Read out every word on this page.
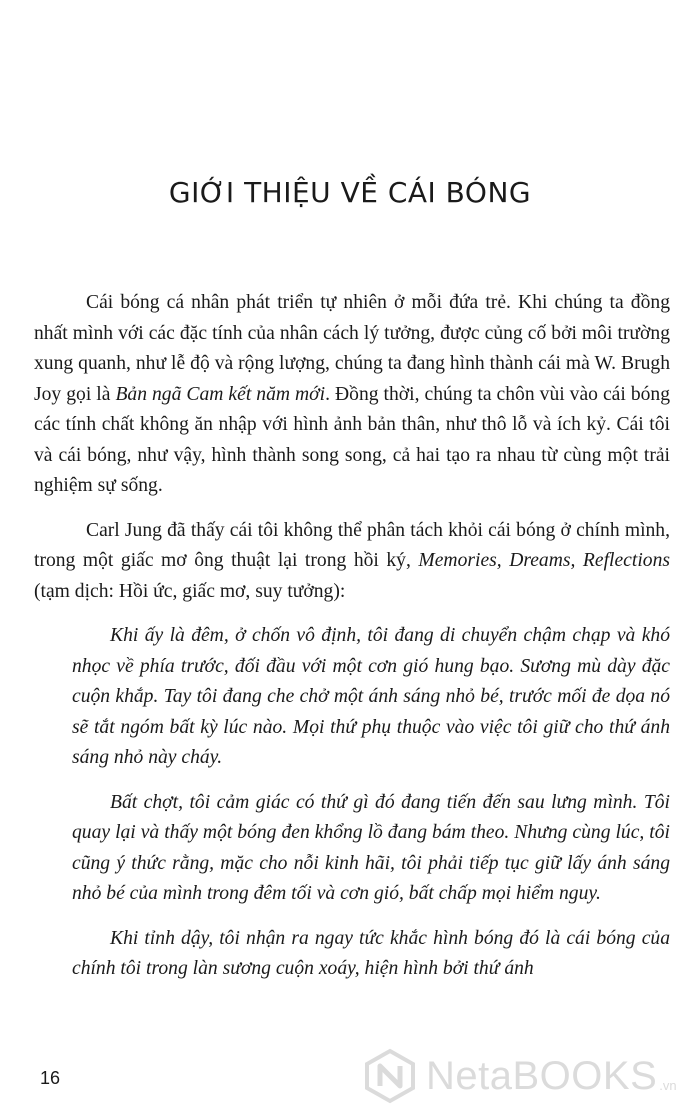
GIỚI THIỆU VỀ CÁI BÓNG

Cái bóng cá nhân phát triển tự nhiên ở mỗi đứa trẻ. Khi chúng ta đồng nhất mình với các đặc tính của nhân cách lý tưởng, được củng cố bởi môi trường xung quanh, như lễ độ và rộng lượng, chúng ta đang hình thành cái mà W. Brugh Joy gọi là Bản ngã Cam kết năm mới. Đồng thời, chúng ta chôn vùi vào cái bóng các tính chất không ăn nhập với hình ảnh bản thân, như thô lỗ và ích kỷ. Cái tôi và cái bóng, như vậy, hình thành song song, cả hai tạo ra nhau từ cùng một trải nghiệm sự sống.

Carl Jung đã thấy cái tôi không thể phân tách khỏi cái bóng ở chính mình, trong một giấc mơ ông thuật lại trong hồi ký, Memories, Dreams, Reflections (tạm dịch: Hồi ức, giấc mơ, suy tưởng):

Khi ấy là đêm, ở chốn vô định, tôi đang di chuyển chậm chạp và khó nhọc về phía trước, đối đầu với một cơn gió hung bạo. Sương mù dày đặc cuộn khắp. Tay tôi đang che chở một ánh sáng nhỏ bé, trước mối đe dọa nó sẽ tắt ngóm bất kỳ lúc nào. Mọi thứ phụ thuộc vào việc tôi giữ cho thứ ánh sáng nhỏ này cháy.

Bất chợt, tôi cảm giác có thứ gì đó đang tiến đến sau lưng mình. Tôi quay lại và thấy một bóng đen khổng lồ đang bám theo. Nhưng cùng lúc, tôi cũng ý thức rằng, mặc cho nỗi kinh hãi, tôi phải tiếp tục giữ lấy ánh sáng nhỏ bé của mình trong đêm tối và cơn gió, bất chấp mọi hiểm nguy.

Khi tỉnh dậy, tôi nhận ra ngay tức khắc hình bóng đó là cái bóng của chính tôi trong làn sương cuộn xoáy, hiện hình bởi thứ ánh

16	NetaBOOKS .vn
